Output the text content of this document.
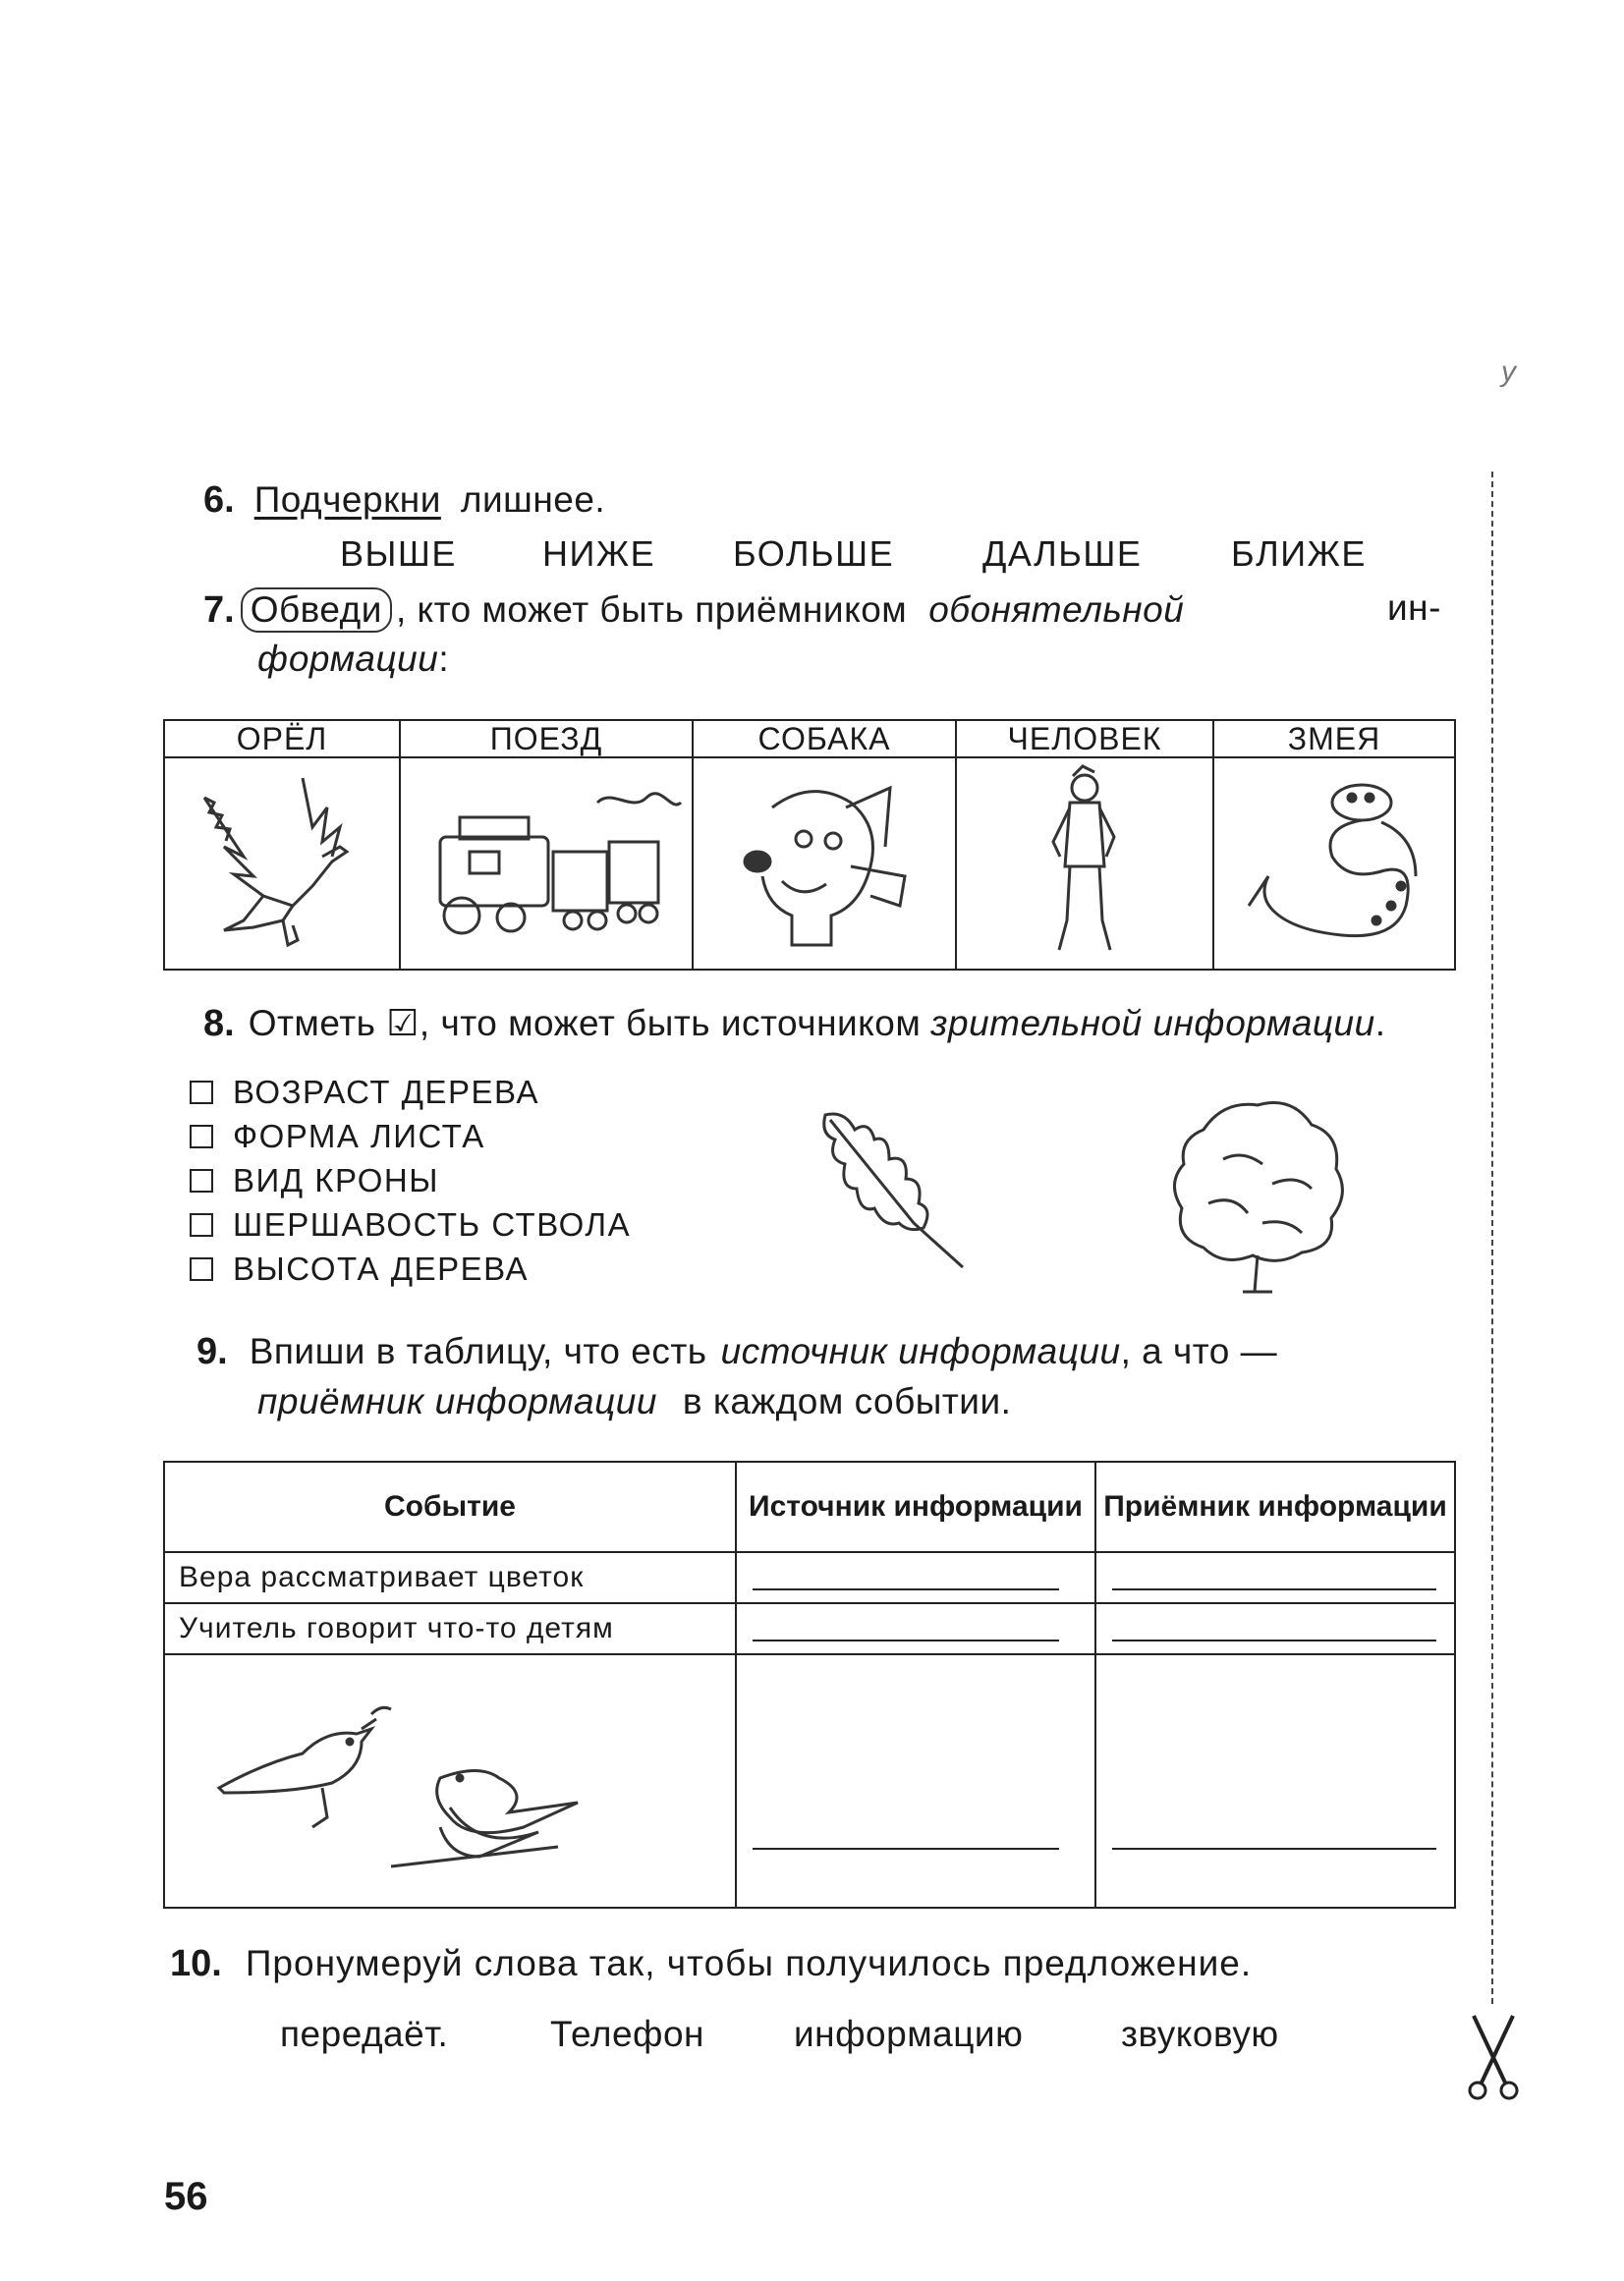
у
6. Подчеркни лишнее.
ВЫШЕ НИЖЕ БОЛЬШЕ ДАЛЬШЕ	БЛИЖЕ
7. Обведи , кто может быть приёмником обонятельной	ин-
формации:
ОРЁЛ	ПОЕЗД	СОБАКА	ЧЕЛОВЕК	ЗМЕЯ
8. Отметь ☑, что может быть источником зрительной информации .
ВОЗРАСТ ДЕРЕВА
ФОРМА ЛИСТА
ВИД КРОНЫ
ШЕРШАВОСТЬ СТВОЛА
ВЫСОТА ДЕРЕВА
9. Впиши в таблицу, что есть источник информации , а что —
приёмник информации в каждом событии.
Событие	Источник информации Приёмник информации
Вера рассматривает цветок
Учитель говорит что-то детям
10. Пронумеруй слова так, чтобы получилось предложение.
передаёт.	Телефон информацию	звуковую
56
